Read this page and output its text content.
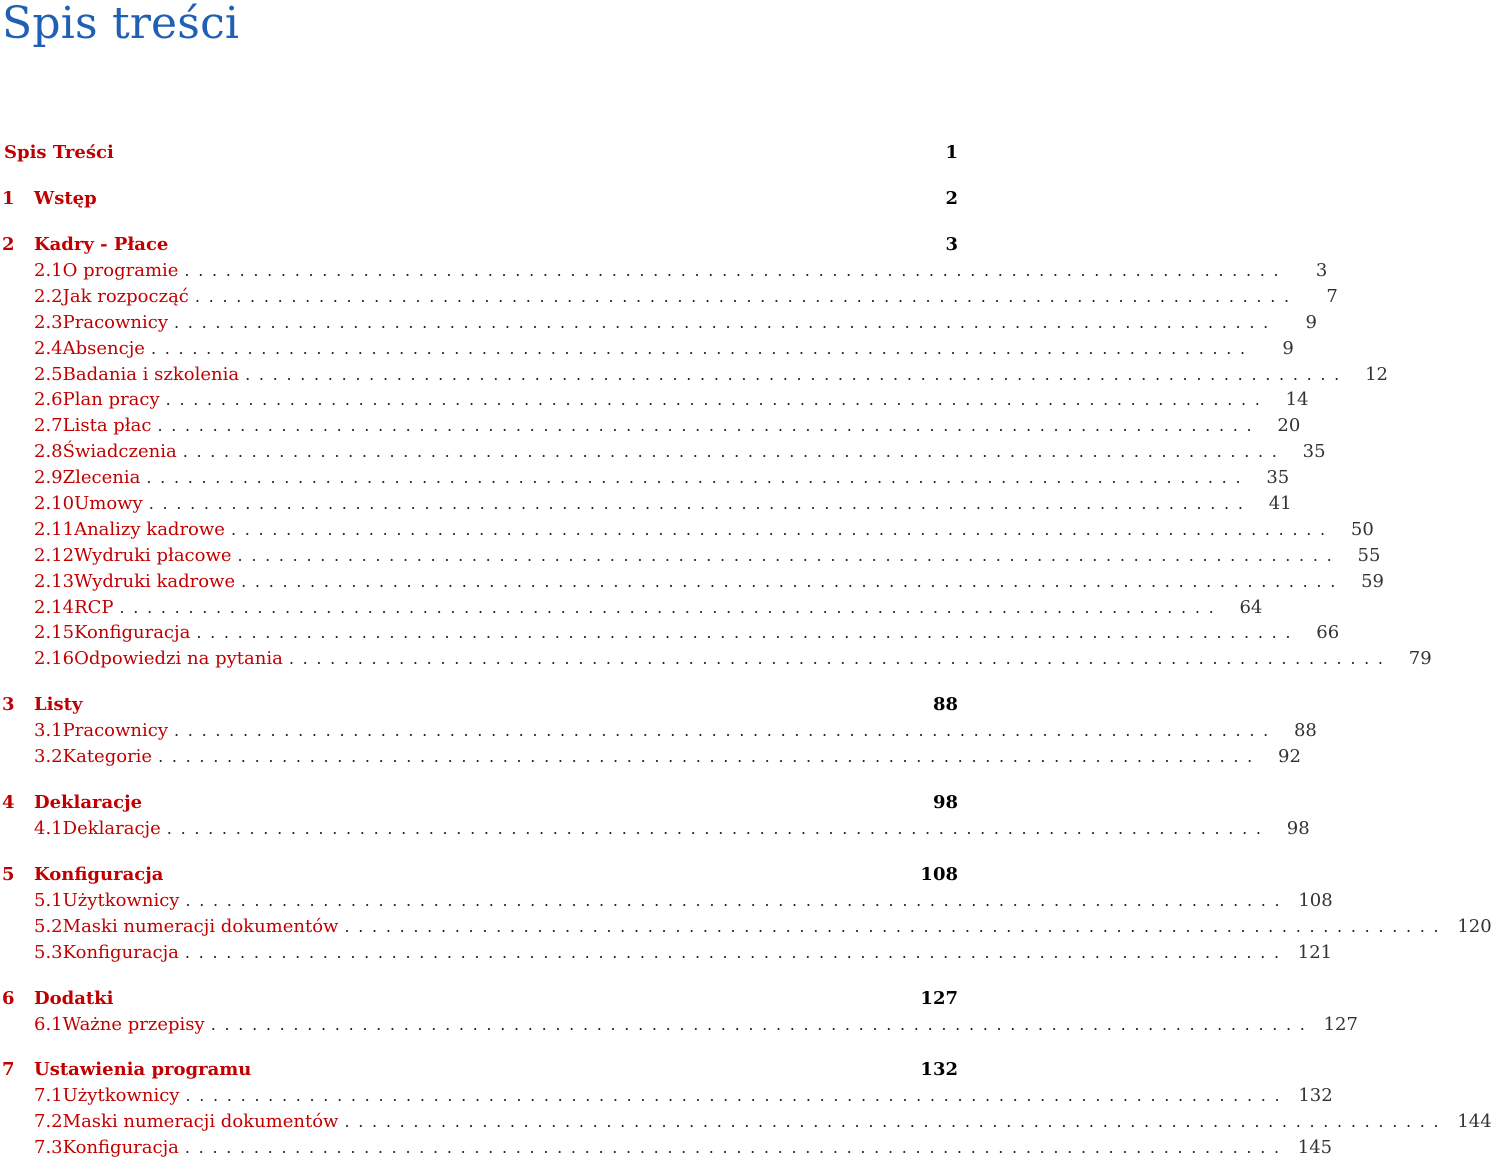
Spis treści
Spis Treści	1
1	Wstęp	2
2	Kadry - Płace	3
2.1 O programie ................................................................................	3
2.2 Jak rozpocząć ................................................................................	7
2.3 Pracownicy ................................................................................	9
2.4 Absencje ................................................................................	9
2.5 Badania i szkolenia ................................................................................ 12
2.6 Plan pracy ................................................................................ 14
2.7 Lista płac ................................................................................ 20
2.8 Świadczenia ................................................................................ 35
2.9 Zlecenia ................................................................................ 35
2.10 Umowy ................................................................................ 41
2.11 Analizy kadrowe ................................................................................ 50
2.12 Wydruki płacowe ................................................................................ 55
2.13 Wydruki kadrowe ................................................................................ 59
2.14 RCP ................................................................................ 64
2.15 Konfiguracja ................................................................................ 66
2.16 Odpowiedzi na pytania ................................................................................ 79
3	Listy	88
3.1 Pracownicy ................................................................................ 88
3.2 Kategorie ................................................................................ 92
4	Deklaracje	98
4.1 Deklaracje ................................................................................ 98
5	Konfiguracja	108
5.1 Użytkownicy ................................................................................ 108
5.2 Maski numeracji dokumentów ................................................................................ 120
5.3 Konfiguracja ................................................................................ 121
6	Dodatki	127
6.1 Ważne przepisy ................................................................................ 127
7	Ustawienia programu	132
7.1 Użytkownicy ................................................................................ 132
7.2 Maski numeracji dokumentów ................................................................................ 144
7.3 Konfiguracja ................................................................................ 145
